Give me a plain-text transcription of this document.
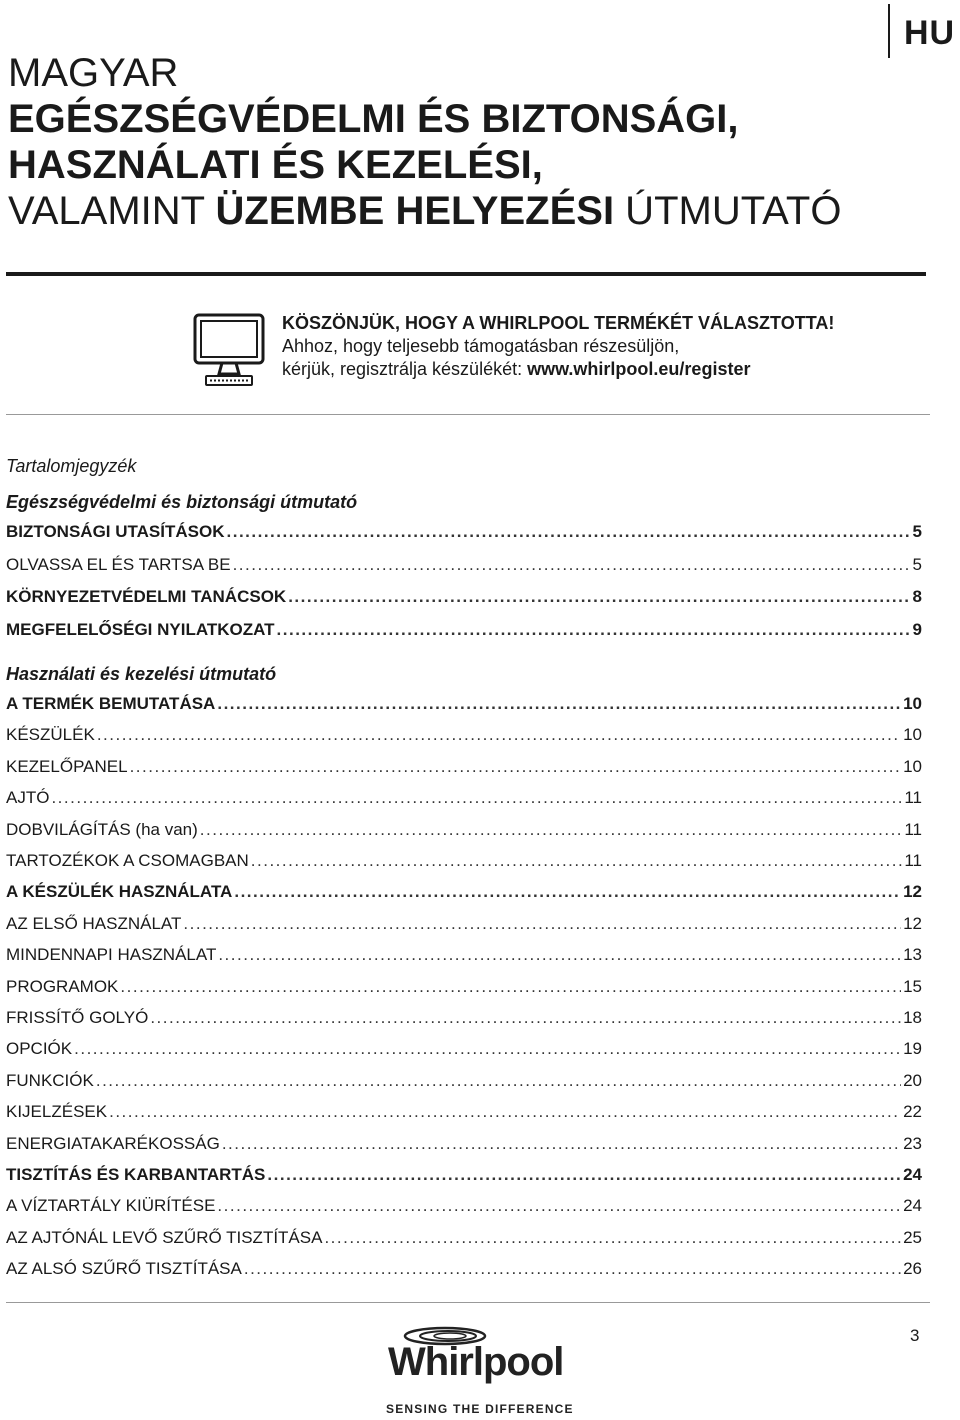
HU
MAGYAR
EGÉSZSÉGVÉDELMI ÉS BIZTONSÁGI,
HASZNÁLATI ÉS KEZELÉSI,
VALAMINT ÜZEMBE HELYEZÉSI ÚTMUTATÓ
KÖSZÖNJÜK, HOGY A WHIRLPOOL TERMÉKÉT VÁLASZTOTTA!
Ahhoz, hogy teljesebb támogatásban részesüljön,
kérjük, regisztrálja készülékét: www.whirlpool.eu/register
Tartalomjegyzék
Egészségvédelmi és biztonsági útmutató
BIZTONSÁGI UTASÍTÁSOK .....	5
OLVASSA EL ÉS TARTSA BE .....	5
KÖRNYEZETVÉDELMI TANÁCSOK .....	8
MEGFELELŐSÉGI NYILATKOZAT .....	9
Használati és kezelési útmutató
A TERMÉK BEMUTATÁSA .....	10
KÉSZÜLÉK .....	10
KEZELŐPANEL .....	10
AJTÓ .....	11
DOBVILÁGÍTÁS (ha van) .....	11
TARTOZÉKOK A CSOMAGBAN .....	11
A KÉSZÜLÉK HASZNÁLATA .....	12
AZ ELSŐ HASZNÁLAT .....	12
MINDENNAPI HASZNÁLAT .....	13
PROGRAMOK .....	15
FRISSÍTŐ GOLYÓ .....	18
OPCIÓK .....	19
FUNKCIÓK .....	20
KIJELZÉSEK .....	22
ENERGIATAKARÉKOSSÁG .....	23
TISZTÍTÁS ÉS KARBANTARTÁS .....	24
A VÍZTARTÁLY KIÜRÍTÉSE .....	24
AZ AJTÓNÁL LEVŐ SZŰRŐ TISZTÍTÁSA .....	25
AZ ALSÓ SZŰRŐ TISZTÍTÁSA .....	26
3
Whirlpool
SENSING THE DIFFERENCE
